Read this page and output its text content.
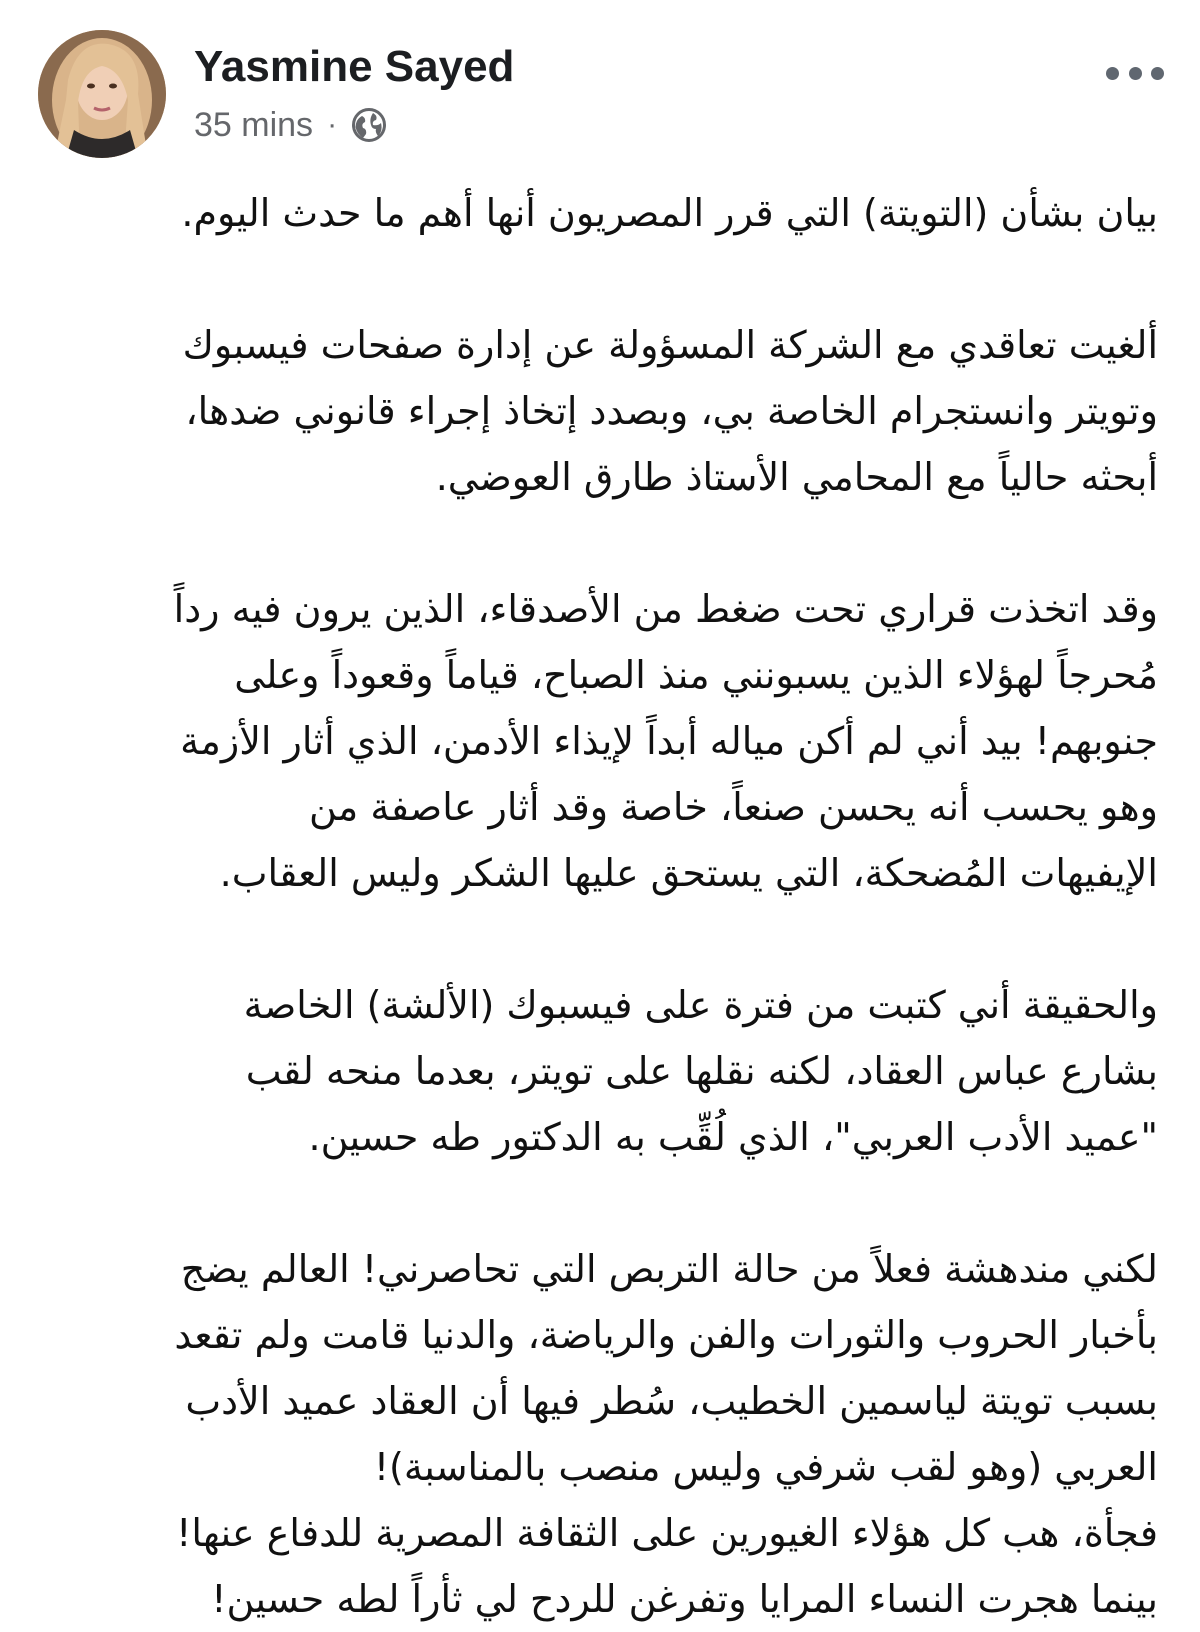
Yasmine Sayed
35 mins ·

بيان بشأن (التويتة) التي قرر المصريون أنها أهم ما حدث اليوم.

ألغيت تعاقدي مع الشركة المسؤولة عن إدارة صفحات فيسبوك
وتويتر وانستجرام الخاصة بي، وبصدد إتخاذ إجراء قانوني ضدها،
أبحثه حالياً مع المحامي الأستاذ طارق العوضي.

وقد اتخذت قراري تحت ضغط من الأصدقاء، الذين يرون فيه رداً
مُحرجاً لهؤلاء الذين يسبونني منذ الصباح، قياماً وقعوداً وعلى
جنوبهم! بيد أني لم أكن مياله أبداً لإيذاء الأدمن، الذي أثار الأزمة
وهو يحسب أنه يحسن صنعاً، خاصة وقد أثار عاصفة من
الإيفيهات المُضحكة، التي يستحق عليها الشكر وليس العقاب.

والحقيقة أني كتبت من فترة على فيسبوك (الألشة) الخاصة
بشارع عباس العقاد، لكنه نقلها على تويتر، بعدما منحه لقب
"عميد الأدب العربي"، الذي لُقِّب به الدكتور طه حسين.

لكني مندهشة فعلاً من حالة التربص التي تحاصرني! العالم يضج
بأخبار الحروب والثورات والفن والرياضة، والدنيا قامت ولم تقعد
بسبب تويتة لياسمين الخطيب، سُطر فيها أن العقاد عميد الأدب
العربي (وهو لقب شرفي وليس منصب بالمناسبة)!
فجأة، هب كل هؤلاء الغيورين على الثقافة المصرية للدفاع عنها!
بينما هجرت النساء المرايا وتفرغن للردح لي ثأراً لطه حسين!
